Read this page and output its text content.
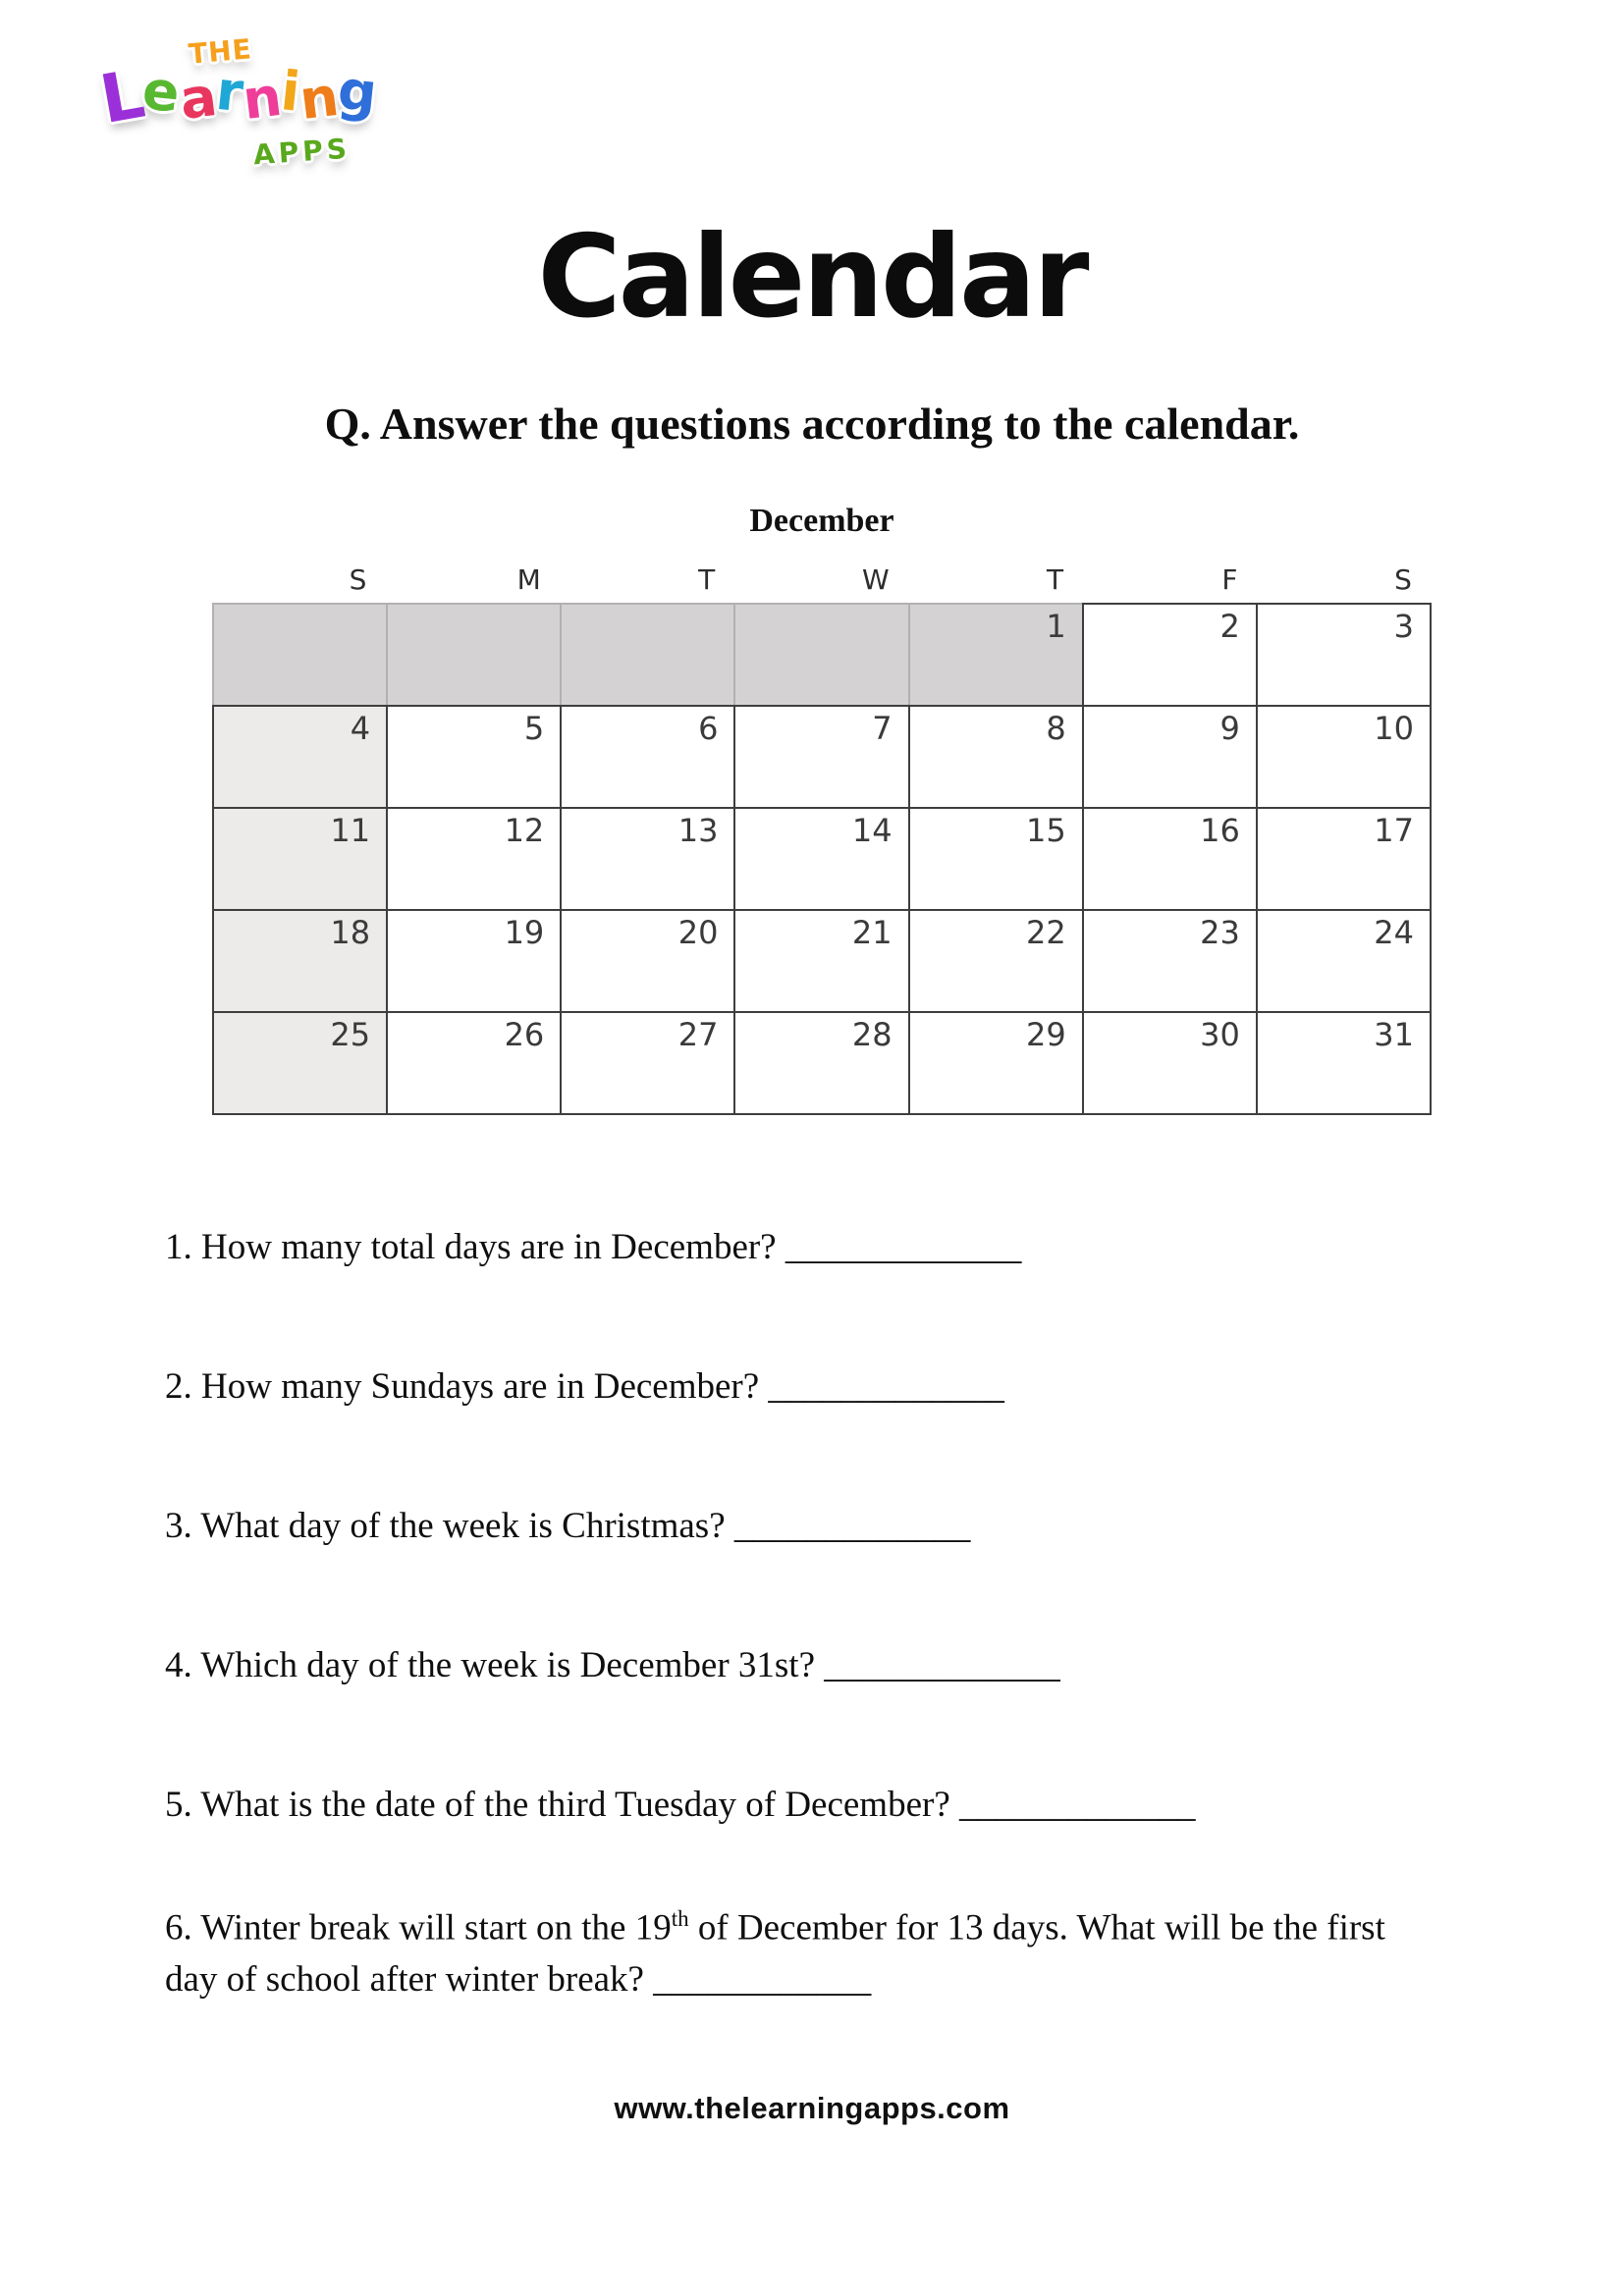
THE
Learning
APPS
Calendar
Q. Answer the questions according to the calendar.
December
S	M	T	W	T	F	S
				1	2	3
4	5	6	7	8	9	10
11	12	13	14	15	16	17
18	19	20	21	22	23	24
25	26	27	28	29	30	31
1. How many total days are in December? _____________
2. How many Sundays are in December? _____________
3. What day of the week is Christmas? _____________
4. Which day of the week is December 31st? _____________
5. What is the date of the third Tuesday of December? _____________
6. Winter break will start on the 19th of December for 13 days. What will be the first day of school after winter break? ____________
www.thelearningapps.com
